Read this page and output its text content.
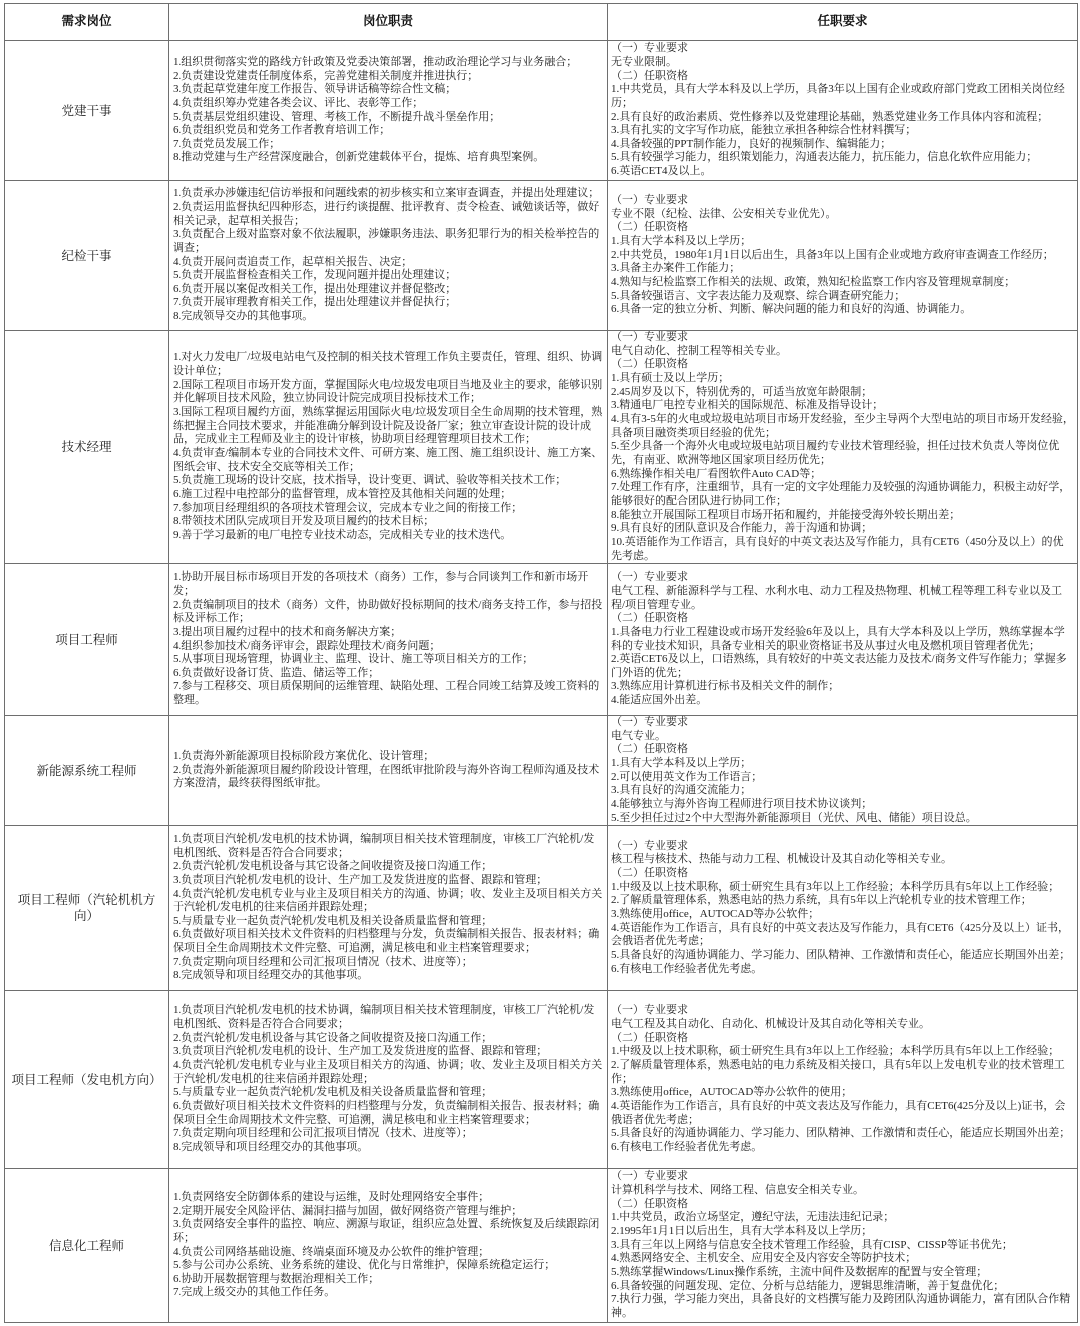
需求岗位	岗位职责	任职要求
党建干事
1.组织贯彻落实党的路线方针政策及党委决策部署，推动政治理论学习与业务融合；
2.负责建设党建责任制度体系，完善党建相关制度并推进执行；
3.负责起草党建年度工作报告、领导讲话稿等综合性文稿；
4.负责组织筹办党建各类会议、评比、表彰等工作；
5.负责基层党组织建设、管理、考核工作，不断提升战斗堡垒作用；
6.负责组织党员和党务工作者教育培训工作；
7.负责党员发展工作；
8.推动党建与生产经营深度融合，创新党建载体平台，提炼、培育典型案例。
（一）专业要求
无专业限制。
（二）任职资格
1.中共党员，具有大学本科及以上学历，具备3年以上国有企业或政府部门党政工团相关岗位经历；
2.具有良好的政治素质、党性修养以及党建理论基础，熟悉党建业务工作具体内容和流程；
3.具有扎实的文字写作功底，能独立承担各种综合性材料撰写；
4.具备较强的PPT制作能力，良好的视频制作、编辑能力；
5.具有较强学习能力，组织策划能力，沟通表达能力，抗压能力，信息化软件应用能力；
6.英语CET4及以上。
纪检干事
1.负责承办涉嫌违纪信访举报和问题线索的初步核实和立案审查调查，并提出处理建议；
2.负责运用监督执纪四种形态，进行约谈提醒、批评教育、责令检查、诫勉谈话等，做好相关记录，起草相关报告；
3.负责配合上级对监察对象不依法履职，涉嫌职务违法、职务犯罪行为的相关检举控告的调查；
4.负责开展问责追责工作，起草相关报告、决定；
5.负责开展监督检查相关工作，发现问题并提出处理建议；
6.负责开展以案促改相关工作，提出处理建议并督促整改；
7.负责开展审理教育相关工作，提出处理建议并督促执行；
8.完成领导交办的其他事项。
（一）专业要求
专业不限（纪检、法律、公安相关专业优先）。
（二）任职资格
1.具有大学本科及以上学历；
2.中共党员，1980年1月1日以后出生，具备3年以上国有企业或地方政府审查调查工作经历；
3.具备主办案件工作能力；
4.熟知与纪检监察工作相关的法规、政策，熟知纪检监察工作内容及管理规章制度；
5.具备较强语言、文字表达能力及观察、综合调查研究能力；
6.具备一定的独立分析、判断、解决问题的能力和良好的沟通、协调能力。
技术经理
1.对火力发电厂/垃圾电站电气及控制的相关技术管理工作负主要责任，管理、组织、协调设计单位；
2.国际工程项目市场开发方面，掌握国际火电/垃圾发电项目当地及业主的要求，能够识别并化解项目技术风险，独立协同设计院完成项目投标技术工作；
3.国际工程项目履约方面，熟练掌握运用国际火电/垃圾发项目全生命周期的技术管理，熟练把握主合同技术要求，并能准确分解到设计院及设备厂家；独立审查设计院的设计成品，完成业主工程师及业主的设计审核，协助项目经理管理项目技术工作；
4.负责审查/编制本专业的合同技术文件、可研方案、施工图、施工组织设计、施工方案、图纸会审、技术安全交底等相关工作；
5.负责施工现场的设计交底，技术指导，设计变更、调试、验收等相关技术工作；
6.施工过程中电控部分的监督管理，成本管控及其他相关问题的处理；
7.参加项目经理组织的各项技术管理会议，完成本专业之间的衔接工作；
8.带领技术团队完成项目开发及项目履约的技术目标；
9.善于学习最新的电厂电控专业技术动态，完成相关专业的技术迭代。
（一）专业要求
电气自动化、控制工程等相关专业。
（二）任职资格
1.具有硕士及以上学历；
2.45周岁及以下，特别优秀的，可适当放宽年龄限制；
3.精通电厂电控专业相关的国际规范、标准及指导设计；
4.具有3-5年的火电或垃圾电站项目市场开发经验，至少主导两个大型电站的项目市场开发经验，具备项目融资类项目经验的优先；
5.至少具备一个海外火电或垃圾电站项目履约专业技术管理经验，担任过技术负责人等岗位优先，有南亚、欧洲等地区国家项目经历优先；
6.熟练操作相关电厂看图软件Auto CAD等；
7.处理工作有序，注重细节，具有一定的文字处理能力及较强的沟通协调能力，积极主动好学，能够很好的配合团队进行协同工作；
8.能独立开展国际工程项目市场开拓和履约，并能接受海外较长期出差；
9.具有良好的团队意识及合作能力，善于沟通和协调；
10.英语能作为工作语言，具有良好的中英文表达及写作能力，具有CET6（450分及以上）的优先考虑。
项目工程师
1.协助开展目标市场项目开发的各项技术（商务）工作，参与合同谈判工作和新市场开发；
2.负责编制项目的技术（商务）文件，协助做好投标期间的技术/商务支持工作，参与招投标及评标工作；
3.提出项目履约过程中的技术和商务解决方案；
4.组织参加技术/商务评审会，跟踪处理技术/商务问题；
5.从事项目现场管理，协调业主、监理、设计、施工等项目相关方的工作；
6.负责做好设备订货、监造、储运等工作；
7.参与工程移交、项目质保期间的运维管理、缺陷处理、工程合同竣工结算及竣工资料的整理。
（一）专业要求
电气工程、新能源科学与工程、水利水电、动力工程及热物理、机械工程等理工科专业以及工程/项目管理专业。
（二）任职资格
1.具备电力行业工程建设或市场开发经验6年及以上，具有大学本科及以上学历，熟练掌握本学科的专业技术知识，具备专业相关的职业资格证书及从事过火电及燃机项目管理者优先；
2.英语CET6及以上，口语熟练，具有较好的中英文表达能力及技术/商务文件写作能力；掌握多门外语的优先；
3.熟练应用计算机进行标书及相关文件的制作；
4.能适应国外出差。
新能源系统工程师
1.负责海外新能源项目投标阶段方案优化、设计管理；
2.负责海外新能源项目履约阶段设计管理，在图纸审批阶段与海外咨询工程师沟通及技术方案澄清，最终获得图纸审批。
（一）专业要求
电气专业。
（二）任职资格
1.具有大学本科及以上学历；
2.可以使用英文作为工作语言；
3.具有良好的沟通交流能力；
4.能够独立与海外咨询工程师进行项目技术协议谈判；
5.至少担任过过2个中大型海外新能源项目（光伏、风电、储能）项目设总。
项目工程师（汽轮机机方向）
1.负责项目汽轮机/发电机的技术协调，编制项目相关技术管理制度，审核工厂汽轮机/发电机图纸、资料是否符合合同要求；
2.负责汽轮机/发电机设备与其它设备之间收提资及接口沟通工作；
3.负责项目汽轮机/发电机的设计、生产加工及发货进度的监督、跟踪和管理；
4.负责汽轮机/发电机专业与业主及项目相关方的沟通、协调；收、发业主及项目相关方关于汽轮机/发电机的往来信函并跟踪处理；
5.与质量专业一起负责汽轮机/发电机及相关设备质量监督和管理；
6.负责做好项目相关技术文件资料的归档整理与分发，负责编制相关报告、报表材料；确保项目全生命周期技术文件完整、可追溯，满足核电和业主档案管理要求；
7.负责定期向项目经理和公司汇报项目情况（技术、进度等）；
8.完成领导和项目经理交办的其他事项。
（一）专业要求
核工程与核技术、热能与动力工程、机械设计及其自动化等相关专业。
（二）任职资格
1.中级及以上技术职称，硕士研究生具有3年以上工作经验；本科学历具有5年以上工作经验；
2.了解质量管理体系，熟悉电站的热力系统，具有5年以上汽轮机专业的技术管理工作；
3.熟练使用office，AUTOCAD等办公软件；
4.英语能作为工作语言，具有良好的中英文表达及写作能力，具有CET6（425分及以上）证书，会俄语者优先考虑；
5.具备良好的沟通协调能力、学习能力、团队精神、工作激情和责任心，能适应长期国外出差；
6.有核电工作经验者优先考虑。
项目工程师（发电机方向）
1.负责项目汽轮机/发电机的技术协调，编制项目相关技术管理制度，审核工厂汽轮机/发电机图纸、资料是否符合合同要求；
2.负责汽轮机/发电机设备与其它设备之间收提资及接口沟通工作；
3.负责项目汽轮机/发电机的设计、生产加工及发货进度的监督、跟踪和管理；
4.负责汽轮机/发电机专业与业主及项目相关方的沟通、协调；收、发业主及项目相关方关于汽轮机/发电机的往来信函并跟踪处理；
5.与质量专业一起负责汽轮机/发电机及相关设备质量监督和管理；
6.负责做好项目相关技术文件资料的归档整理与分发，负责编制相关报告、报表材料；确保项目全生命周期技术文件完整、可追溯，满足核电和业主档案管理要求；
7.负责定期向项目经理和公司汇报项目情况（技术、进度等）；
8.完成领导和项目经理交办的其他事项。
（一）专业要求
电气工程及其自动化、自动化、机械设计及其自动化等相关专业。
（二）任职资格
1.中级及以上技术职称，硕士研究生具有3年以上工作经验；本科学历具有5年以上工作经验；
2.了解质量管理体系，熟悉电站的电力系统及相关接口，具有5年以上发电机专业的技术管理工作；
3.熟练使用office，AUTOCAD等办公软件的使用；
4.英语能作为工作语言，具有良好的中英文表达及写作能力，具有CET6(425分及以上)证书，会俄语者优先考虑；
5.具备良好的沟通协调能力、学习能力、团队精神、工作激情和责任心，能适应长期国外出差；
6.有核电工作经验者优先考虑。
信息化工程师
1.负责网络安全防御体系的建设与运维，及时处理网络安全事件；
2.定期开展安全风险评估、漏洞扫描与加固，做好网络资产管理与维护；
3.负责网络安全事件的监控、响应、溯源与取证，组织应急处置、系统恢复及后续跟踪闭环；
4.负责公司网络基础设施、终端桌面环境及办公软件的维护管理；
5.参与公司办公系统、业务系统的建设、优化与日常维护，保障系统稳定运行；
6.协助开展数据管理与数据治理相关工作；
7.完成上级交办的其他工作任务。
（一）专业要求
计算机科学与技术、网络工程、信息安全相关专业。
（二）任职资格
1.中共党员，政治立场坚定，遵纪守法，无违法违纪记录；
2.1995年1月1日以后出生，具有大学本科及以上学历；
3.具有三年以上网络与信息安全技术管理工作经验，具有CISP、CISSP等证书优先；
4.熟悉网络安全、主机安全、应用安全及内容安全等防护技术；
5.熟练掌握Windows/Linux操作系统，主流中间件及数据库的配置与安全管理；
6.具备较强的问题发现、定位、分析与总结能力，逻辑思维清晰，善于复盘优化；
7.执行力强，学习能力突出，具备良好的文档撰写能力及跨团队沟通协调能力，富有团队合作精神。
